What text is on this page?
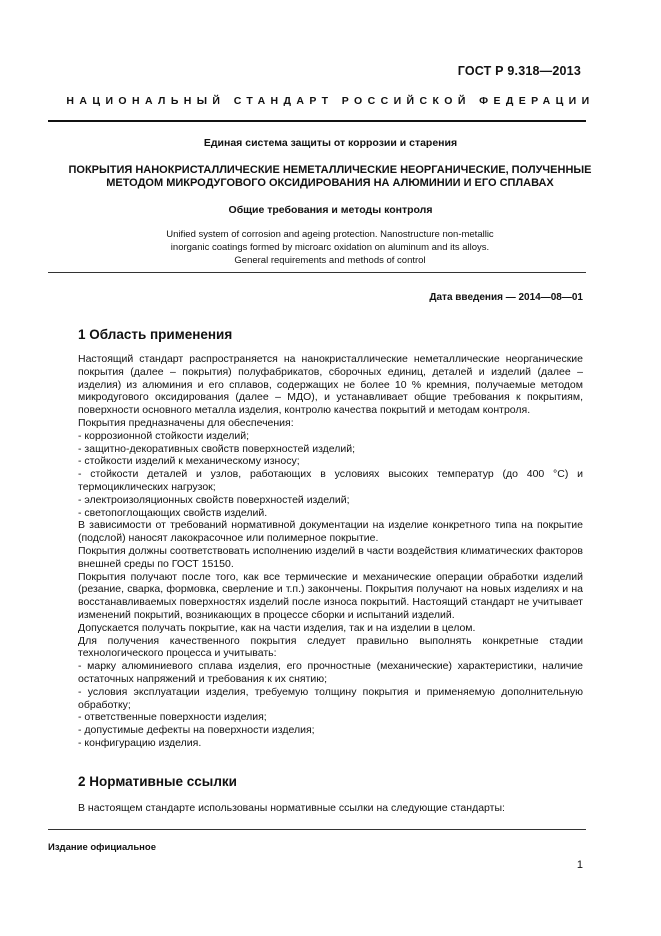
ГОСТ Р 9.318—2013
НАЦИОНАЛЬНЫЙ СТАНДАРТ РОССИЙСКОЙ ФЕДЕРАЦИИ
Единая система защиты от коррозии и старения
ПОКРЫТИЯ НАНОКРИСТАЛЛИЧЕСКИЕ НЕМЕТАЛЛИЧЕСКИЕ НЕОРГАНИЧЕСКИЕ, ПОЛУЧЕННЫЕ МЕТОДОМ МИКРОДУГОВОГО ОКСИДИРОВАНИЯ НА АЛЮМИНИИ И ЕГО СПЛАВАХ
Общие требования и методы контроля
Unified system of corrosion and ageing protection. Nanostructure non-metallic
inorganic coatings formed by microarc oxidation on aluminum and its alloys.
General requirements and methods of control
Дата введения — 2014—08—01
1 Область применения

Настоящий стандарт распространяется на нанокристаллические неметаллические неорганические покрытия (далее – покрытия) полуфабрикатов, сборочных единиц, деталей и изделий (далее – изделия) из алюминия и его сплавов, содержащих не более 10 % кремния, получаемые методом микродугового оксидирования (далее – МДО), и устанавливает общие требования к покрытиям, поверхности основного металла изделия, контролю качества покрытий и методам контроля.

Покрытия предназначены для обеспечения:

- коррозионной стойкости изделий;

- защитно-декоративных свойств поверхностей изделий;

- стойкости изделий к механическому износу;

- стойкости деталей и узлов, работающих в условиях высоких температур (до 400 °С) и термоциклических нагрузок;

- электроизоляционных свойств поверхностей изделий;

- светопоглощающих свойств изделий.

В зависимости от требований нормативной документации на изделие конкретного типа на покрытие (подслой) наносят лакокрасочное или полимерное покрытие.

Покрытия должны соответствовать исполнению изделий в части воздействия климатических факторов внешней среды по ГОСТ 15150.

Покрытия получают после того, как все термические и механические операции обработки изделий (резание, сварка, формовка, сверление и т.п.) закончены. Покрытия получают на новых изделиях и на восстанавливаемых поверхностях изделий после износа покрытий. Настоящий стандарт не учитывает изменений покрытий, возникающих в процессе сборки и испытаний изделий.

Допускается получать покрытие, как на части изделия, так и на изделии в целом.

Для получения качественного покрытия следует правильно выполнять конкретные стадии технологического процесса и учитывать:

- марку алюминиевого сплава изделия, его прочностные (механические) характеристики, наличие остаточных напряжений и требования к их снятию;

- условия эксплуатации изделия, требуемую толщину покрытия и применяемую дополнительную обработку;

- ответственные поверхности изделия;

- допустимые дефекты на поверхности изделия;

- конфигурацию изделия.

2 Нормативные ссылки
В настоящем стандарте использованы нормативные ссылки на следующие стандарты:
Издание официальное
1
